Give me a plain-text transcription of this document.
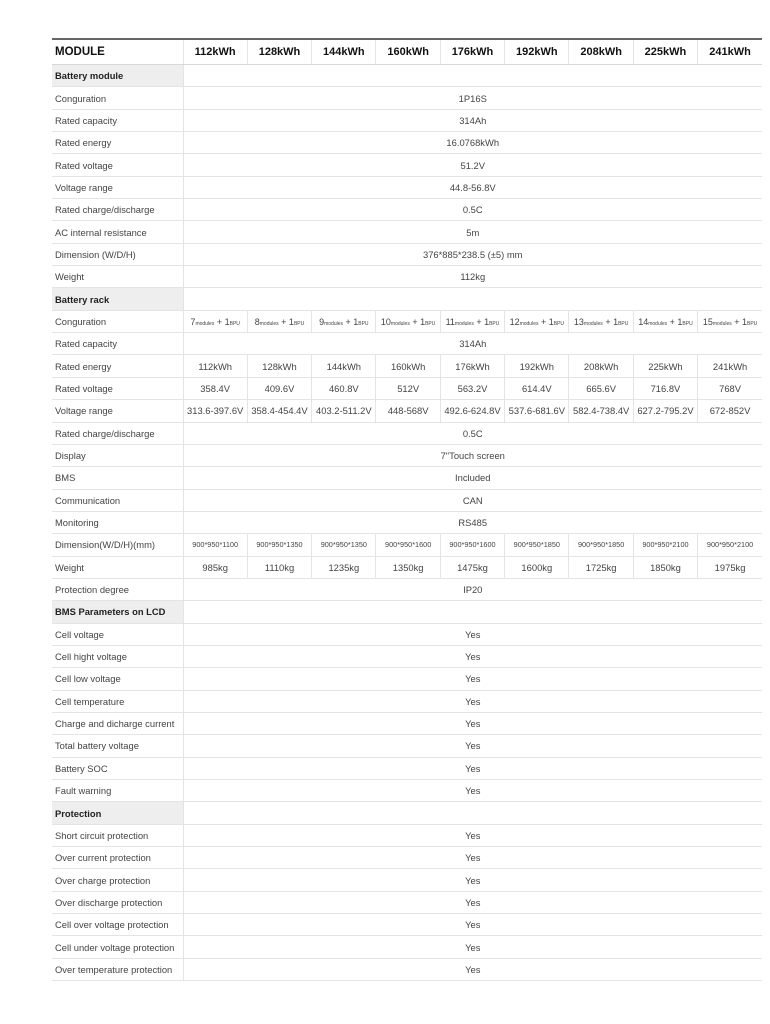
MODULE	112kWh	128kWh	144kWh	160kWh	176kWh	192kWh	208kWh	225kWh	241kWh
Battery module									
Conguration	1P16S								
Rated capacity	314Ah								
Rated energy	16.0768kWh								
Rated voltage	51.2V								
Voltage range	44.8-56.8V								
Rated charge/discharge	0.5C								
AC internal resistance	5m								
Dimension (W/D/H)	376*885*238.5 (±5) mm								
Weight	112kg								
Battery rack									
Conguration	7modules + 1BPU	8modules + 1BPU	9modules + 1BPU	10modules + 1BPU	11modules + 1BPU	12modules + 1BPU	13modules + 1BPU	14modules + 1BPU	15modules + 1BPU
Rated capacity	314Ah								
Rated energy	112kWh	128kWh	144kWh	160kWh	176kWh	192kWh	208kWh	225kWh	241kWh
Rated voltage	358.4V	409.6V	460.8V	512V	563.2V	614.4V	665.6V	716.8V	768V
Voltage range	313.6-397.6V	358.4-454.4V	403.2-511.2V	448-568V	492.6-624.8V	537.6-681.6V	582.4-738.4V	627.2-795.2V	672-852V
Rated charge/discharge	0.5C								
Display	7"Touch screen								
BMS	Included								
Communication	CAN								
Monitoring	RS485								
Dimension(W/D/H)(mm)	900*950*1100	900*950*1350	900*950*1350	900*950*1600	900*950*1600	900*950*1850	900*950*1850	900*950*2100	900*950*2100
Weight	985kg	1110kg	1235kg	1350kg	1475kg	1600kg	1725kg	1850kg	1975kg
Protection degree	IP20								
BMS Parameters on LCD									
Cell voltage	Yes								
Cell hight voltage	Yes								
Cell low voltage	Yes								
Cell temperature	Yes								
Charge and dicharge current	Yes								
Total battery voltage	Yes								
Battery SOC	Yes								
Fault warning	Yes								
Protection									
Short circuit protection	Yes								
Over current protection	Yes								
Over charge protection	Yes								
Over discharge protection	Yes								
Cell over voltage protection	Yes								
Cell under voltage protection	Yes								
Over temperature protection	Yes								
